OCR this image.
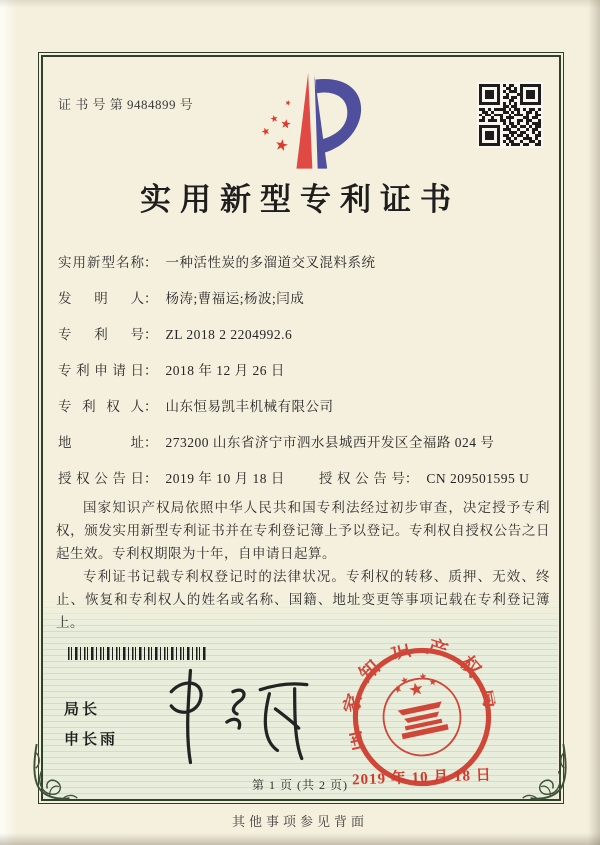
证 书 号 第 9484899 号
实用新型专利证书
实用新型名称 ： 一种活性炭的多溜道交叉混料系统
发明人 ： 杨涛;曹福运;杨波;闫成
专利号 ： ZL 2018 2 2204992.6
专利申请日 ： 2018 年 12 月 26 日
专利权人 ： 山东恒易凯丰机械有限公司
地址 ： 273200 山东省济宁市泗水县城西开发区全福路 024 号
授权公告日 ： 2019 年 10 月 18 日	授权公告号 ： CN 209501595 U

国家知识产权局依照中华人民共和国专利法经过初步审查，决定授予专利权，颁发实用新型专利证书并在专利登记簿上予以登记。专利权自授权公告之日起生效。专利权期限为十年，自申请日起算。

专利证书记载专利权登记时的法律状况。专利权的转移、质押、无效、终止、恢复和专利权人的姓名或名称、国籍、地址变更等事项记载在专利登记簿上。

局长
申长雨	国家知识产权局
2019 年 10 月 18 日
第 1 页 (共 2 页)
其他事项参见背面
